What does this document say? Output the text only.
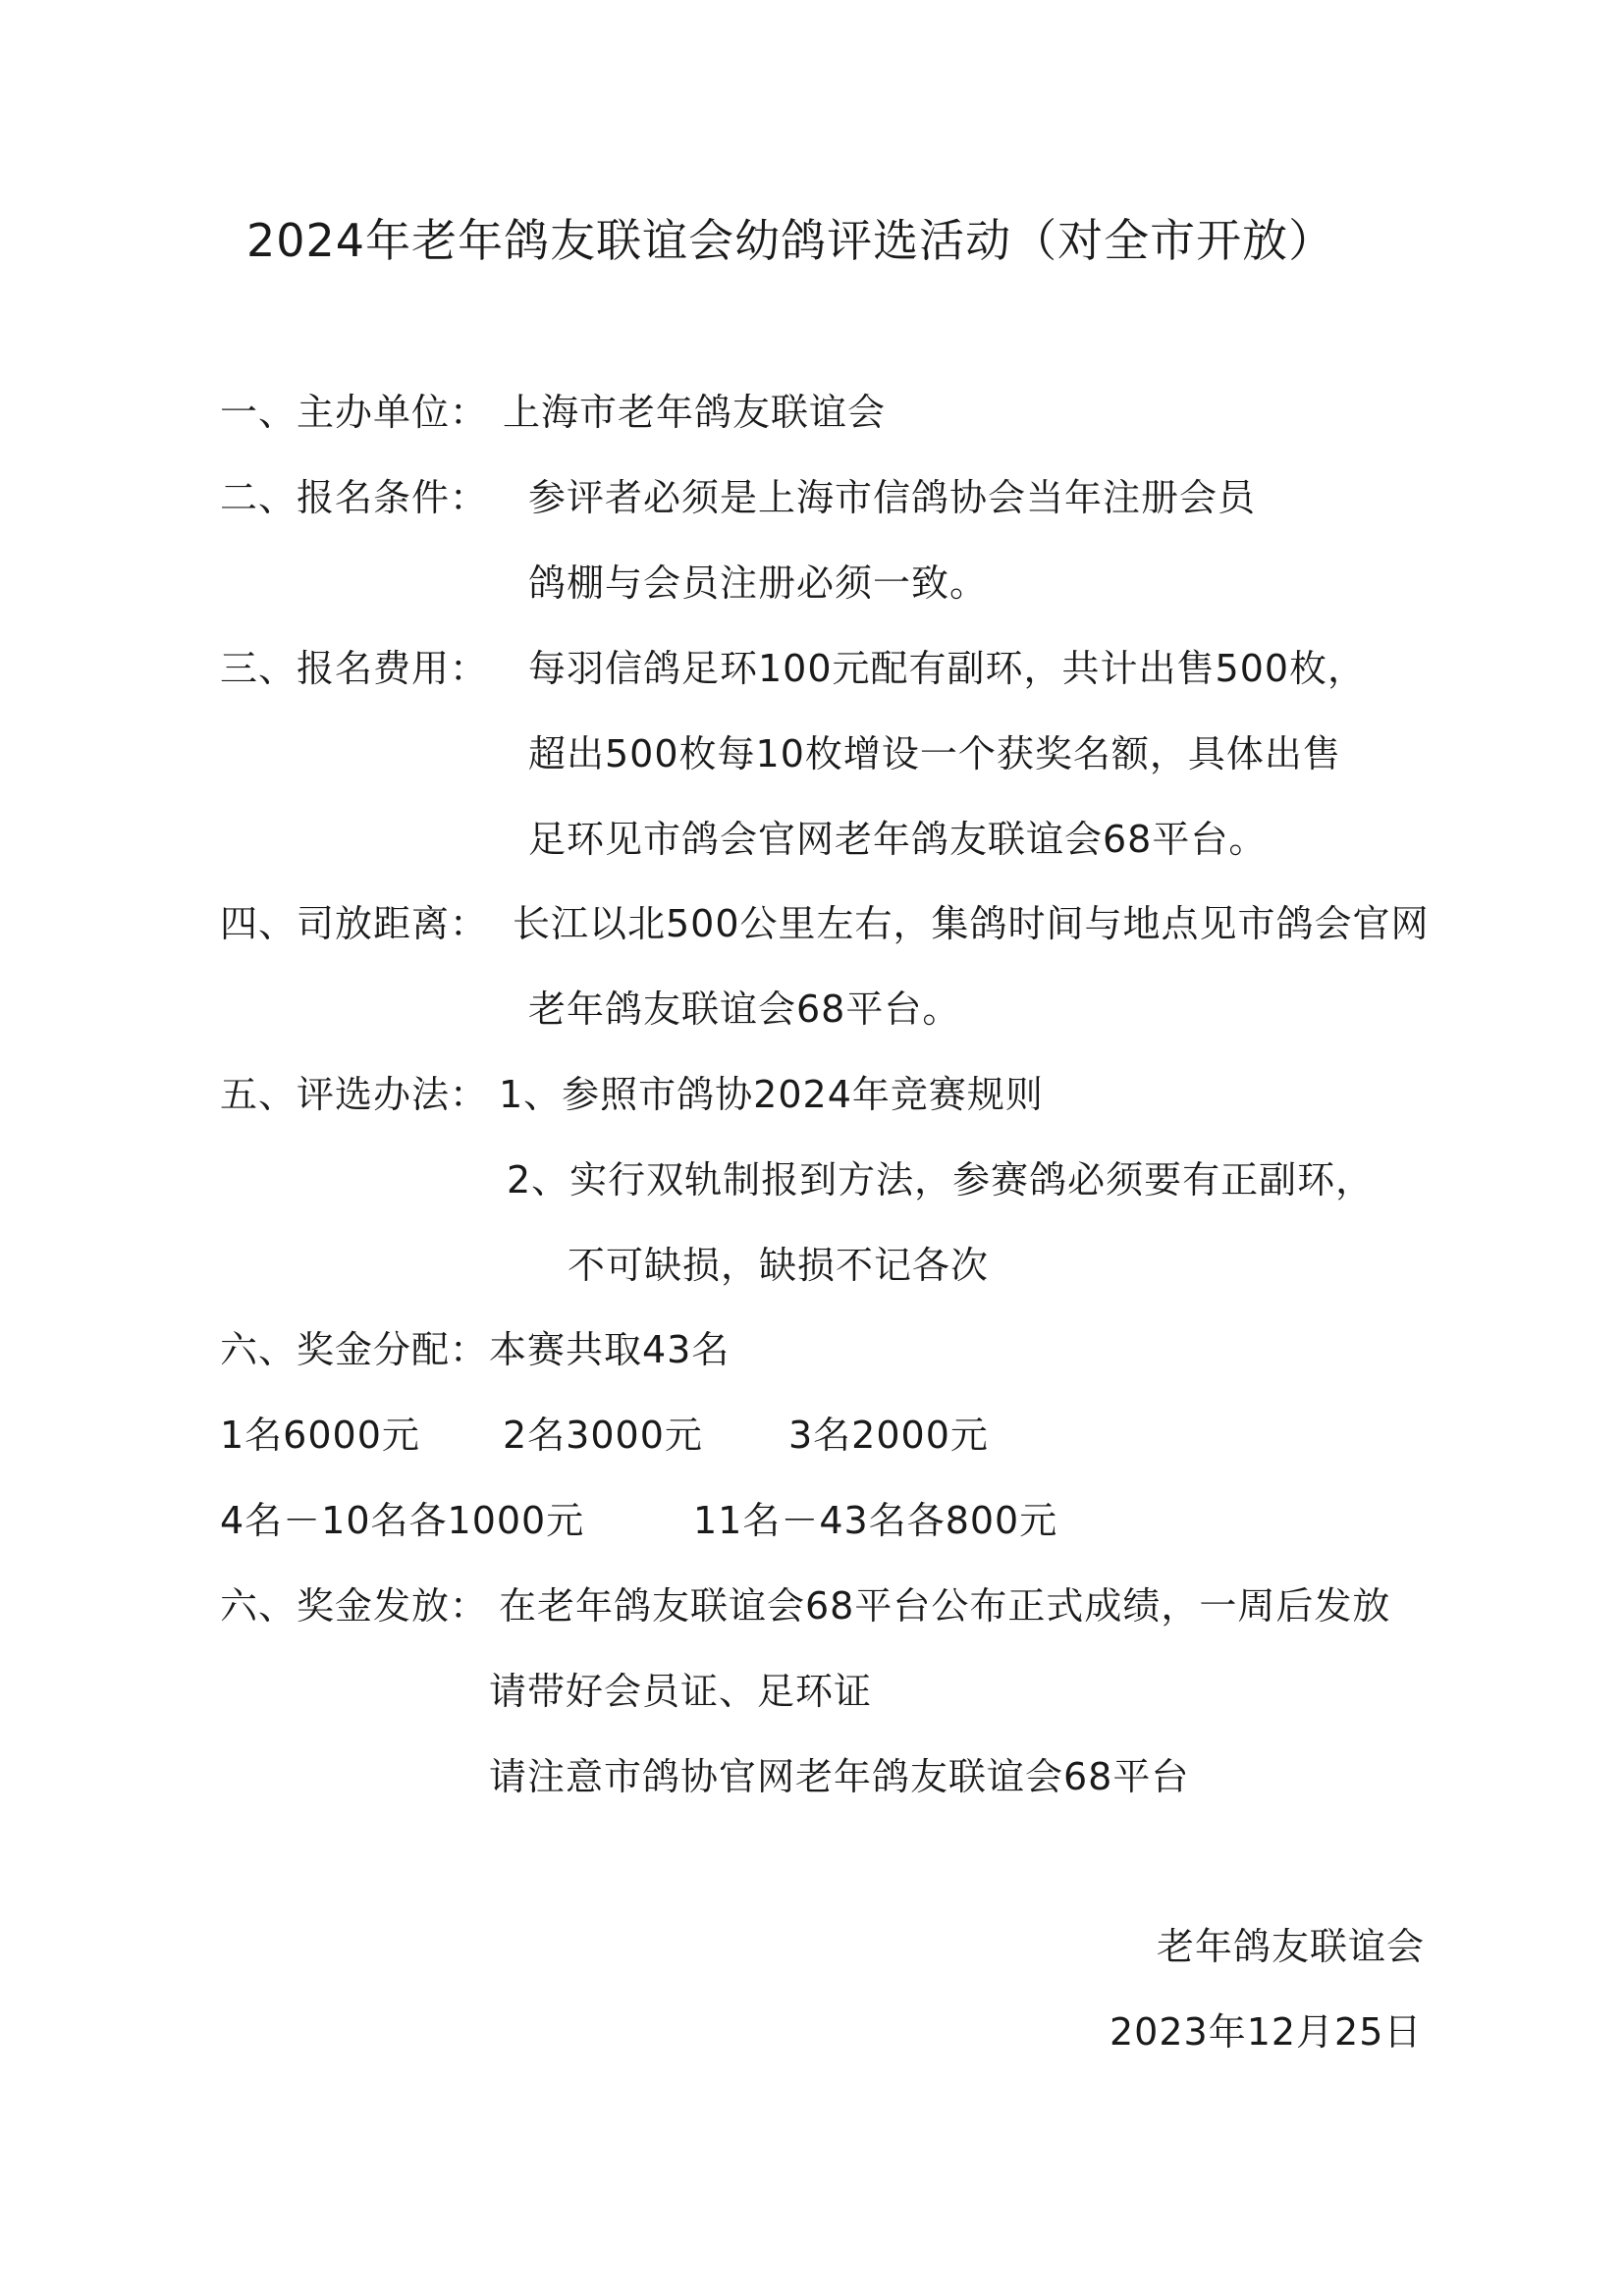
2024年老年鸽友联谊会幼鸽评选活动（对全市开放）
一、主办单位： 上海市老年鸽友联谊会
二、报名条件： 参评者必须是上海市信鸽协会当年注册会员
鸽棚与会员注册必须一致。
三、报名费用： 每羽信鸽足环100元配有副环，共计出售500枚，
超出500枚每10枚增设一个获奖名额，具体出售
足环见市鸽会官网老年鸽友联谊会68平台。
四、司放距离： 长江以北500公里左右，集鸽时间与地点见市鸽会官网
老年鸽友联谊会68平台。
五、评选办法： 1、参照市鸽协2024年竞赛规则
2、实行双轨制报到方法，参赛鸽必须要有正副环，
不可缺损，缺损不记各次
六、奖金分配： 本赛共取43名
1名6000元 2名3000元 3名2000元
4名－10名各1000元	11名－43名各800元
六、奖金发放： 在老年鸽友联谊会68平台公布正式成绩，一周后发放
请带好会员证、足环证
请注意市鸽协官网老年鸽友联谊会68平台
老年鸽友联谊会
2023年12月25日
